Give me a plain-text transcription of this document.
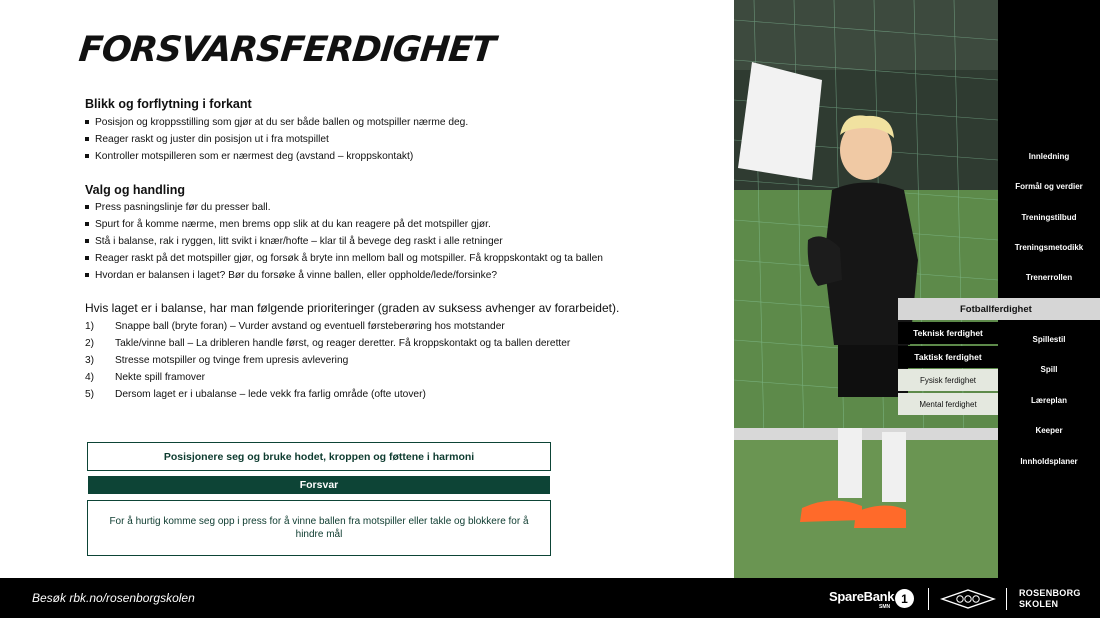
FORSVARSFERDIGHET
Blikk og forflytning i forkant
Posisjon og kroppsstilling som gjør at du ser både ballen og motspiller nærme deg.
Reager raskt og juster din posisjon ut i fra motspillet
Kontroller motspilleren som er nærmest deg (avstand – kroppskontakt)
Valg og handling
Press pasningslinje før du presser ball.
Spurt for å komme nærme, men brems opp slik at du kan reagere på det motspiller gjør.
Stå i balanse, rak i ryggen, litt svikt i knær/hofte – klar til å bevege deg raskt i alle retninger
Reager raskt på det motspiller gjør, og forsøk å bryte inn mellom ball og motspiller. Få kroppskontakt og ta ballen
Hvordan er balansen i laget? Bør du forsøke å vinne ballen, eller oppholde/lede/forsinke?
Hvis laget er i balanse, har man følgende prioriteringer (graden av suksess avhenger av forarbeidet).
1)	Snappe ball (bryte foran) – Vurder avstand og eventuell førsteberøring hos motstander
2)	Takle/vinne ball – La dribleren handle først, og reager deretter. Få kroppskontakt og ta ballen deretter
3)	Stresse motspiller og tvinge frem upresis avlevering
4)	Nekte spill framover
5)	Dersom laget er i ubalanse – lede vekk fra farlig område (ofte utover)
Posisjonere seg og bruke hodet, kroppen og føttene i harmoni
Forsvar
For å hurtig komme seg opp i press for å vinne ballen fra motspiller eller takle og blokkere for å hindre mål
Innledning
Formål og verdier
Treningstilbud
Treningsmetodikk
Trenerrollen
Fotballferdighet
Teknisk ferdighet
Taktisk ferdighet
Fysisk ferdighet
Mental ferdighet
Spillestil
Spill
Læreplan
Keeper
Innholdsplaner
Besøk rbk.no/rosenborgskolen	SpareBank
SMN
1	ROSENBORG
SKOLEN
